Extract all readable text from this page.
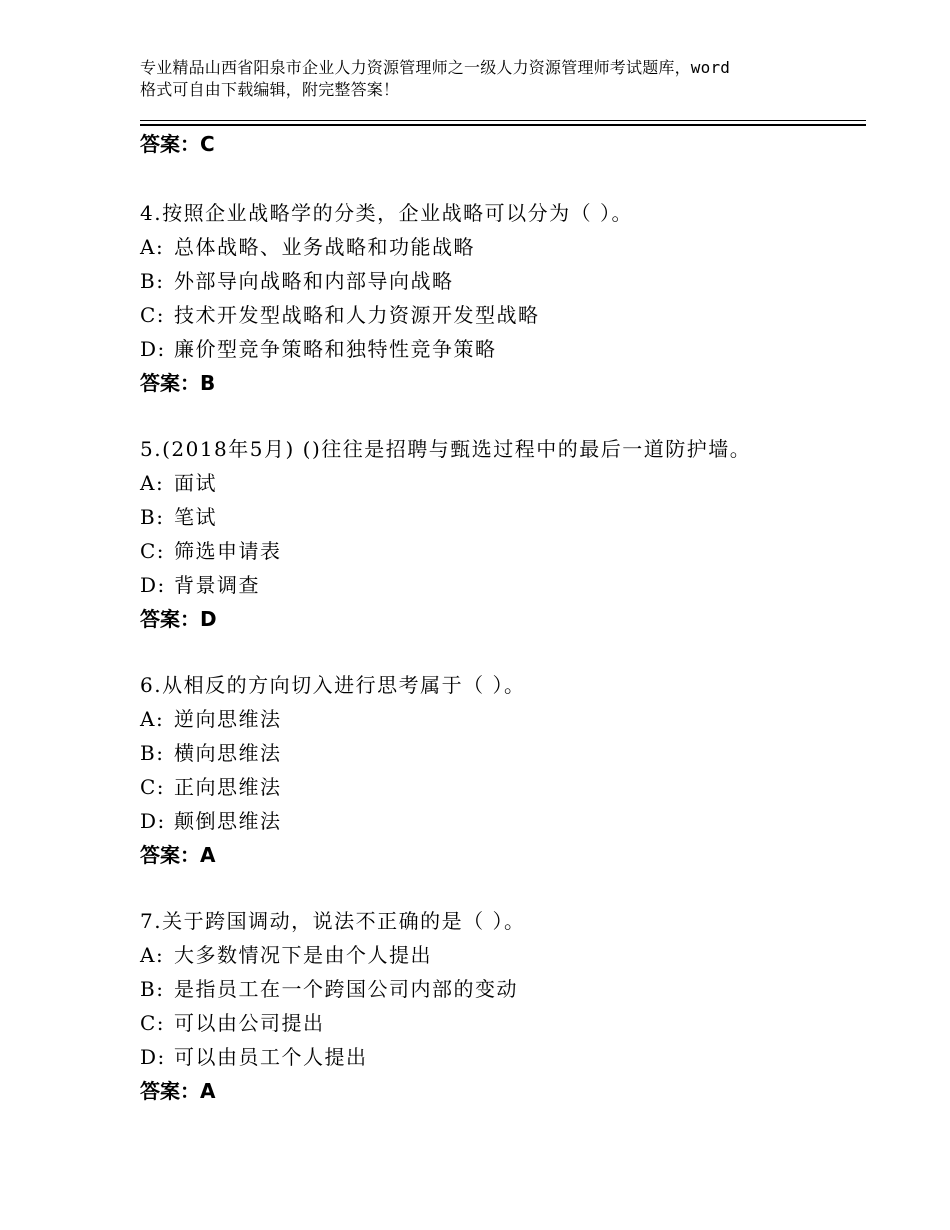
专业精品山西省阳泉市企业人力资源管理师之一级人力资源管理师考试题库，word
格式可自由下载编辑，附完整答案！
答案：C
4.按照企业战略学的分类，企业战略可以分为（ ）。
A: 总体战略、业务战略和功能战略
B: 外部导向战略和内部导向战略
C: 技术开发型战略和人力资源开发型战略
D: 廉价型竞争策略和独特性竞争策略
答案：B
5.(2018年5月) ()往往是招聘与甄选过程中的最后一道防护墙。
A: 面试
B: 笔试
C: 筛选申请表
D: 背景调查
答案：D
6.从相反的方向切入进行思考属于（ ）。
A: 逆向思维法
B: 横向思维法
C: 正向思维法
D: 颠倒思维法
答案：A
7.关于跨国调动，说法不正确的是（ ）。
A: 大多数情况下是由个人提出
B: 是指员工在一个跨国公司内部的变动
C: 可以由公司提出
D: 可以由员工个人提出
答案：A
